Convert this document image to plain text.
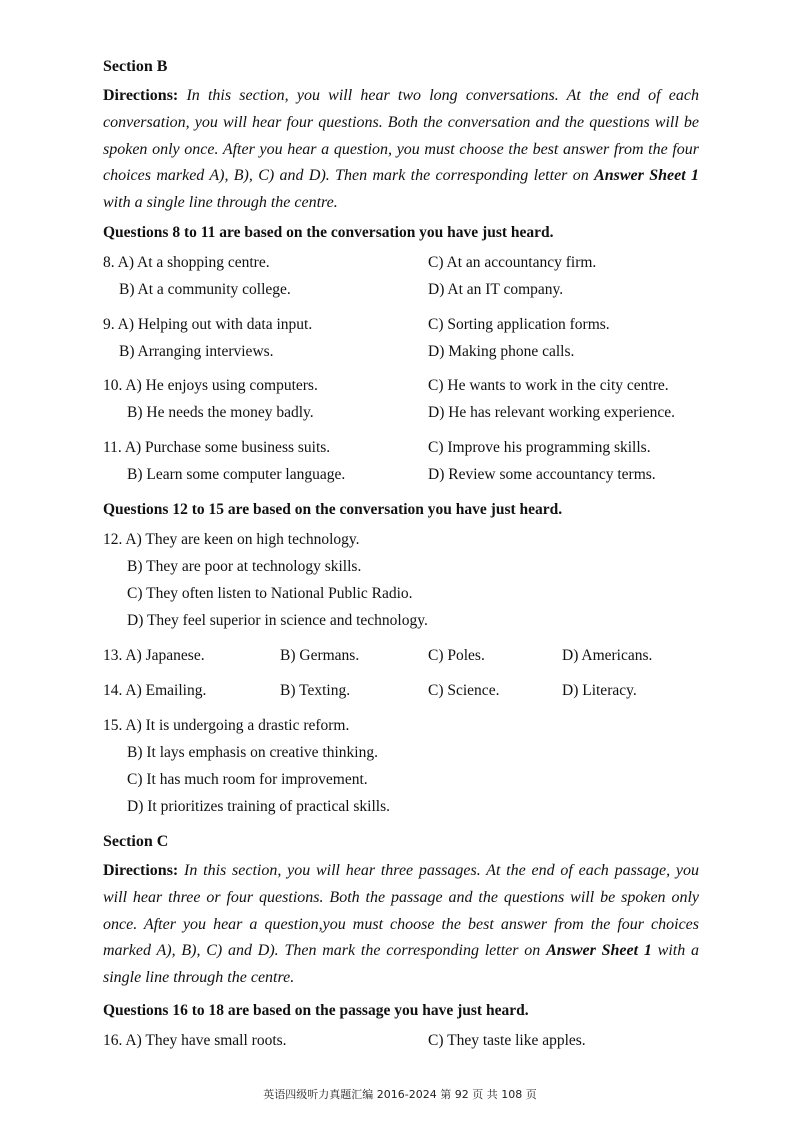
Section B
Directions: In this section, you will hear two long conversations. At the end of each conversation, you will hear four questions. Both the conversation and the questions will be spoken only once. After you hear a question, you must choose the best answer from the four choices marked A), B), C) and D). Then mark the corresponding letter on Answer Sheet 1 with a single line through the centre.
Questions 8 to 11 are based on the conversation you have just heard.
8. A) At a shopping centre.	C) At an accountancy firm.
B) At a community college.	D) At an IT company.
9. A) Helping out with data input.	C) Sorting application forms.
B) Arranging interviews.	D) Making phone calls.
10. A) He enjoys using computers.	C) He wants to work in the city centre.
B) He needs the money badly.	D) He has relevant working experience.
11. A) Purchase some business suits.	C) Improve his programming skills.
B) Learn some computer language.	D) Review some accountancy terms.
Questions 12 to 15 are based on the conversation you have just heard.
12. A) They are keen on high technology.
B) They are poor at technology skills.
C) They often listen to National Public Radio.
D) They feel superior in science and technology.
13. A) Japanese.	B) Germans.	C) Poles.	D) Americans.
14. A) Emailing.	B) Texting.	C) Science.	D) Literacy.
15. A) It is undergoing a drastic reform.
B) It lays emphasis on creative thinking.
C) It has much room for improvement.
D) It prioritizes training of practical skills.
Section C
Directions: In this section, you will hear three passages. At the end of each passage, you will hear three or four questions. Both the passage and the questions will be spoken only once. After you hear a question,you must choose the best answer from the four choices marked A), B), C) and D). Then mark the corresponding letter on Answer Sheet 1 with a single line through the centre.
Questions 16 to 18 are based on the passage you have just heard.
16. A) They have small roots.	C) They taste like apples.
英语四级听力真题汇编 2016-2024 第 92 页 共 108 页
